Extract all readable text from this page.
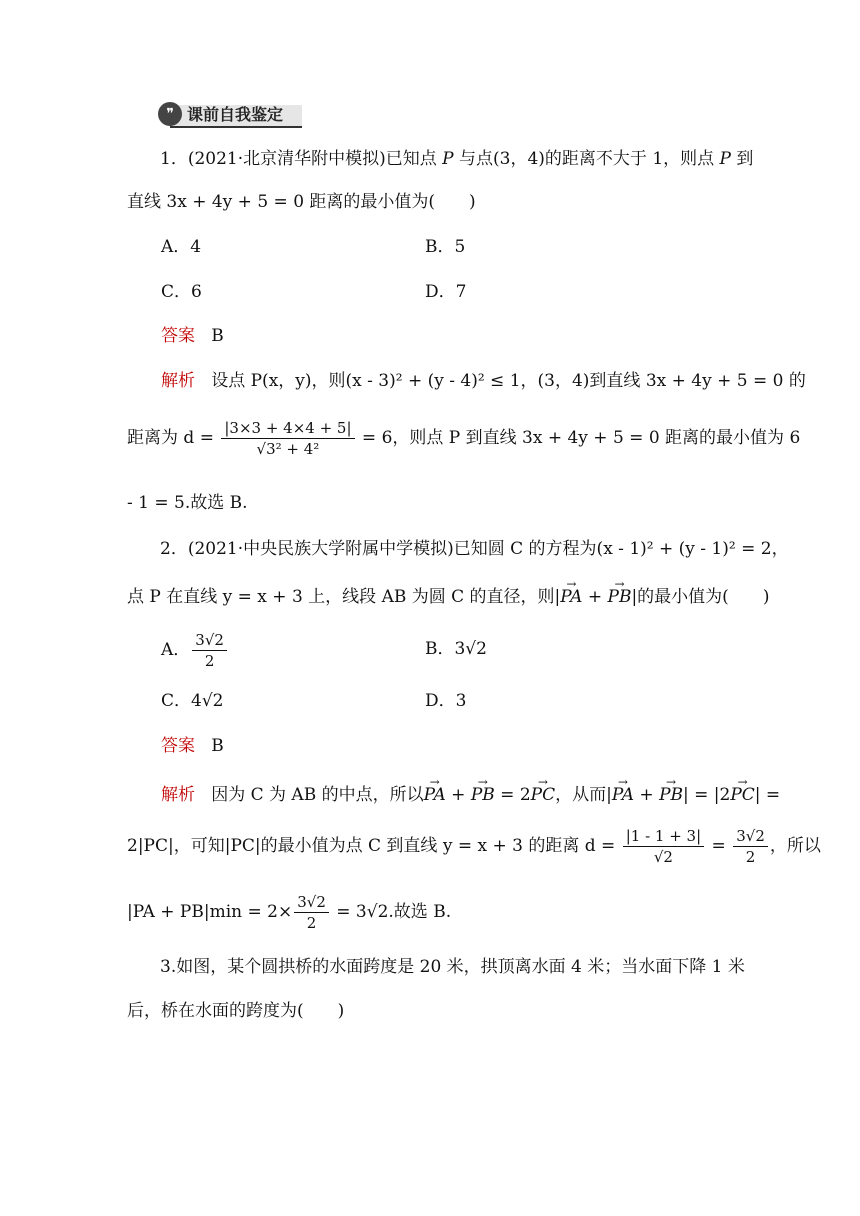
❞ 课前自我鉴定
1．(2021·北京清华附中模拟)已知点 P 与点(3，4)的距离不大于 1，则点 P 到
直线 3x + 4y + 5 = 0 距离的最小值为(　　)
A．4	B．5
C．6	D．7
答案 B
解析 设点 P(x，y)，则(x - 3)² + (y - 4)² ≤ 1，(3，4)到直线 3x + 4y + 5 = 0 的
距离为 $d = \frac{|3\times 3 + 4\times 4 + 5|}{\text{√3² + 4²}} = 6$，则点 P 到直线 3x + 4y + 5 = 0 距离的最小值为 6
- 1 = 5.故选 B.
2．(2021·中央民族大学附属中学模拟)已知圆 C 的方程为(x - 1)² + (y - 1)² = 2，
点 P 在直线 y = x + 3 上，线段 AB 为圆 C 的直径，则|→ PA + → PB|的最小值为(　　)
A． $\frac{3√2}{2}$	B．3√2
C．4√2	D．3
答案 B
解析 因为 C 为 AB 的中点，所以→ PA + → PB = 2→ PC，从而|→ PA + → PB| = |2→ PC| =
2|PC|，可知|PC|的最小值为点 C 到直线 y = x + 3 的距离 $d = \frac{|1 - 1 + 3|}{√2} = \frac{3√2}{2}$ ，所以
$|PA + PB|\min = 2\times \frac{3√2}{2} = 3√2$.故选 B.
3.如图，某个圆拱桥的水面跨度是 20 米，拱顶离水面 4 米；当水面下降 1 米
后，桥在水面的跨度为(　　)
